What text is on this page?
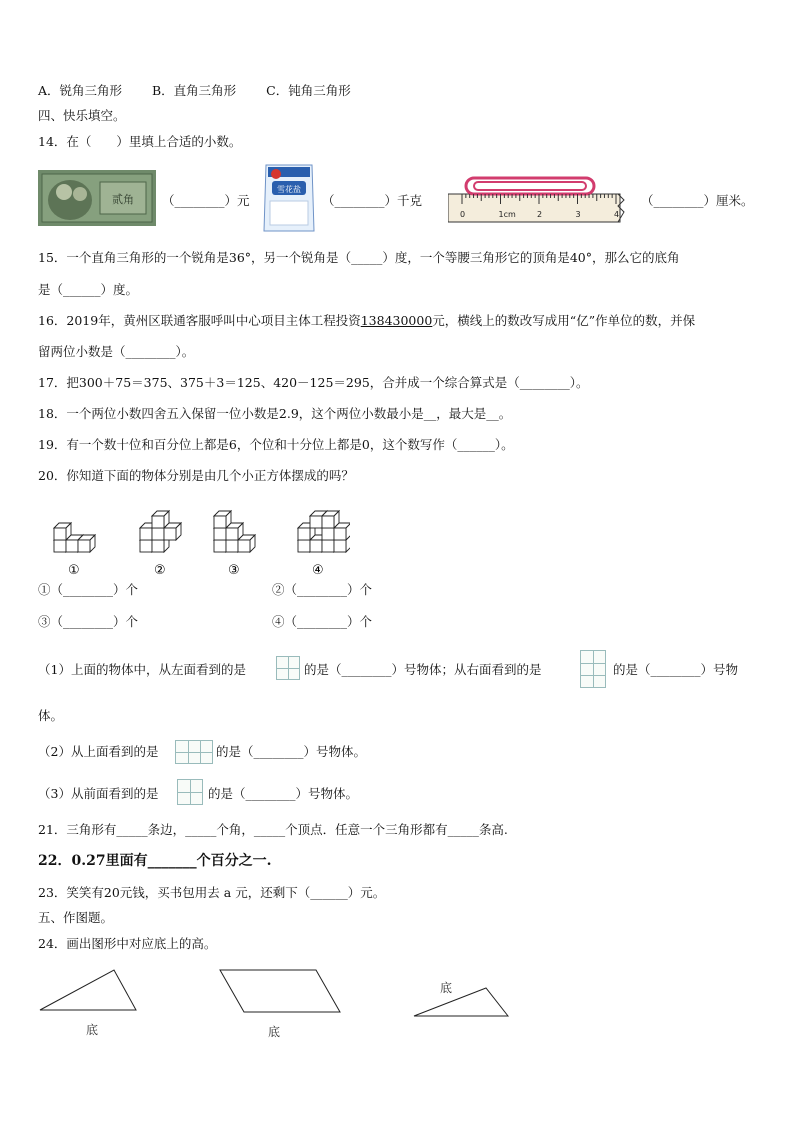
A．锐角三角形 B．直角三角形 C．钝角三角形
四、快乐填空。
14．在（　　）里填上合适的小数。
贰角 （________）元
雪花盐
（________）千克
0	1cm	2	3	4
（________）厘米。
15．一个直角三角形的一个锐角是36°，另一个锐角是（_____）度，一个等腰三角形它的顶角是40°，那么它的底角
是（______）度。
16．2019年，黄州区联通客服呼叫中心项目主体工程投资138430000元，横线上的数改写成用“亿”作单位的数，并保
留两位小数是（________）。
17．把300＋75＝375、375＋3＝125、420－125＝295，合并成一个综合算式是（________）。
18．一个两位小数四舍五入保留一位小数是2.9，这个两位小数最小是__，最大是__。
19．有一个数十位和百分位上都是6，个位和十分位上都是0，这个数写作（______）。
20．你知道下面的物体分别是由几个小正方体摆成的吗？
①	②	③	④
①（________）个	②（________）个
③（________）个	④（________）个
（1）上面的物体中，从左面看到的是	的是（________）号物体；从右面看到的是	的是（________）号物
体。
（2）从上面看到的是	的是（________）号物体。
（3）从前面看到的是	的是（________）号物体。
21．三角形有_____条边，_____个角，_____个顶点．任意一个三角形都有_____条高.
22．0.27里面有_______个百分之一.
23．笑笑有20元钱，买书包用去 a 元，还剩下（______）元。
五、作图题。
24．画出图形中对应底上的高。
底	底
底
